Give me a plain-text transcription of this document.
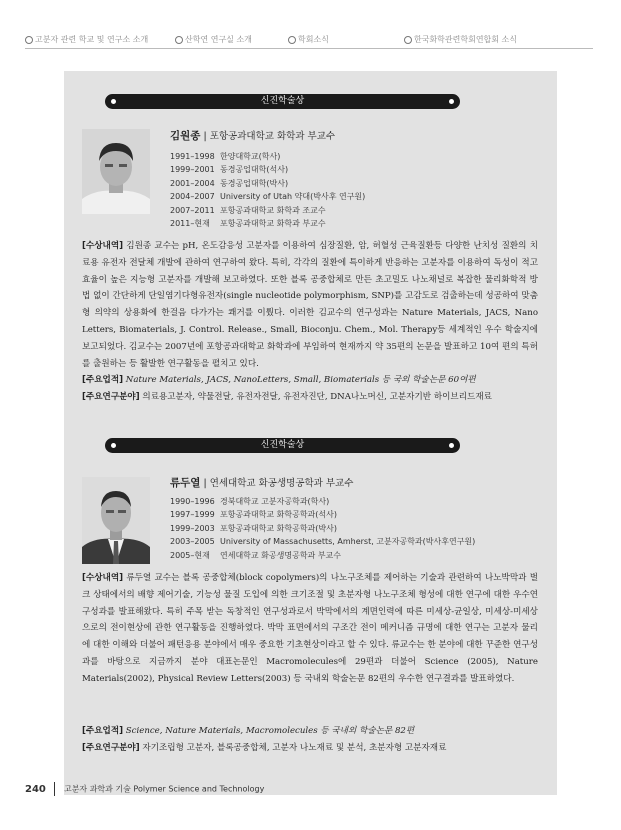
고분자 관련 학교 및 연구소 소개	산학연 연구실 소개	학회소식	한국화학관련학회연합회 소식
신진학술상
김원종 | 포항공과대학교 화학과 부교수
1991–1998 한양대학교(학사)
1999–2001 동경공업대학(석사)
2001–2004 동경공업대학(박사)
2004–2007 University of Utah 약대(박사후 연구원)
2007–2011 포항공과대학교 화학과 조교수
2011–현재 포항공과대학교 화학과 부교수
[수상내역] 김원종 교수는 pH, 온도감응성 고분자를 이용하여 심장질환, 암, 허혈성 근육질환등 다양한 난치성 질환의 치료용 유전자 전달체 개발에 관하여 연구하여 왔다. 특히, 각각의 질환에 특이하게 반응하는 고분자를 이용하여 독성이 적고 효율이 높은 지능형 고분자를 개발해 보고하였다. 또한 블록 공중합체로 만든 초고밀도 나노채널로 복잡한 물리화학적 방법 없이 간단하게 단일염기다형유전자(single nucleotide polymorphism, SNP)를 고감도로 검출하는데 성공하여 맞춤형 의약의 상용화에 한걸음 다가가는 쾌거를 이뤘다. 이러한 김교수의 연구성과는 Nature Materials, JACS, Nano Letters, Biomaterials, J. Control. Release., Small, Bioconju. Chem., Mol. Therapy등 세계적인 우수 학술지에 보고되었다. 김교수는 2007년에 포항공과대학교 화학과에 부임하여 현재까지 약 35편의 논문을 발표하고 10여 편의 특허를 출원하는 등 활발한 연구활동을 펼치고 있다.
[주요업적] Nature Materials, JACS, NanoLetters, Small, Biomaterials 등 국외 학술논문 60여편
[주요연구분야] 의료용고분자, 약물전달, 유전자전달, 유전자진단, DNA나노머신, 고분자기반 하이브리드재료
신진학술상
류두열 | 연세대학교 화공생명공학과 부교수
1990–1996 경북대학교 고분자공학과(학사)
1997–1999 포항공과대학교 화학공학과(석사)
1999–2003 포항공과대학교 화학공학과(박사)
2003–2005 University of Massachusetts, Amherst, 고분자공학과(박사후연구원)
2005–현재 연세대학교 화공생명공학과 부교수
[수상내역] 류두열 교수는 블록 공중합체(block copolymers)의 나노구조체를 제어하는 기술과 관련하여 나노박막과 벌크 상태에서의 배향 제어기술, 기능성 물질 도입에 의한 크기조절 및 초분자형 나노구조체 형성에 대한 연구에 대한 우수연구성과를 발표해왔다. 특히 주목 받는 독창적인 연구성과로서 박막에서의 계면인력에 따른 미세상-균일상, 미세상-미세상으로의 전이현상에 관한 연구활동을 진행하였다. 박막 표면에서의 구조간 전이 메커니즘 규명에 대한 연구는 고분자 물리에 대한 이해와 더불어 패턴응용 분야에서 매우 중요한 기초현상이라고 할 수 있다. 류교수는 한 분야에 대한 꾸준한 연구성과를 바탕으로 지금까지 분야 대표논문인 Macromolecules에 29편과 더불어 Science (2005), Nature Materials(2002), Physical Review Letters(2003) 등 국내외 학술논문 82편의 우수한 연구결과를 발표하였다.
[주요업적] Science, Nature Materials, Macromolecules 등 국내외 학술논문 82편
[주요연구분야] 자기조립형 고분자, 블록공중합체, 고분자 나노재료 및 분석, 초분자형 고분자재료
240 고분자 과학과 기술 Polymer Science and Technology
